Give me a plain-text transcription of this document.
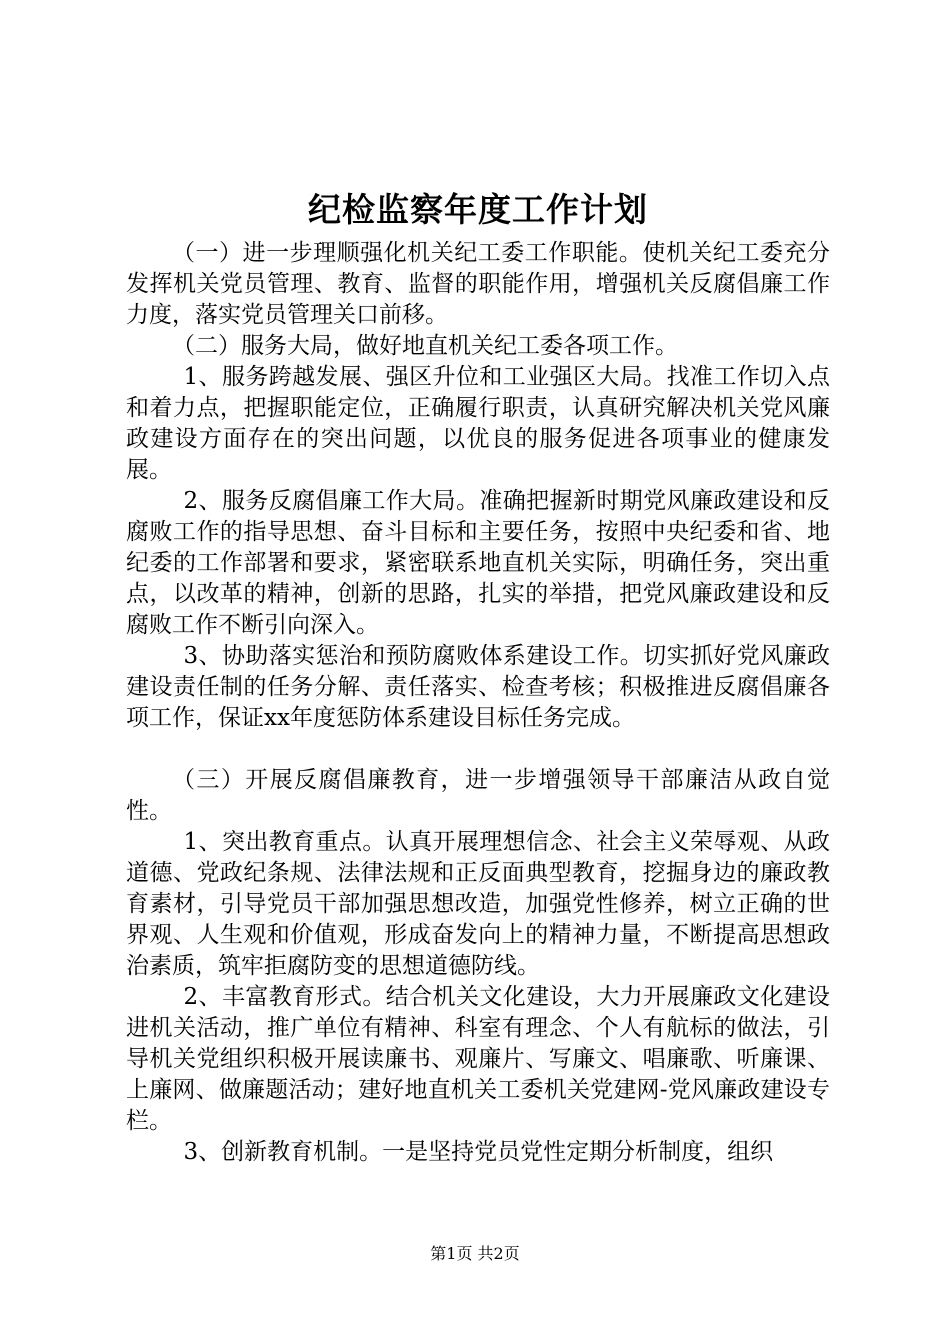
纪检监察年度工作计划

（一）进一步理顺强化机关纪工委工作职能。使机关纪工委充分发挥机关党员管理、教育、监督的职能作用，增强机关反腐倡廉工作力度，落实党员管理关口前移。

（二）服务大局，做好地直机关纪工委各项工作。

1、服务跨越发展、强区升位和工业强区大局。找准工作切入点和着力点，把握职能定位，正确履行职责，认真研究解决机关党风廉政建设方面存在的突出问题，以优良的服务促进各项事业的健康发展。

2、服务反腐倡廉工作大局。准确把握新时期党风廉政建设和反腐败工作的指导思想、奋斗目标和主要任务，按照中央纪委和省、地纪委的工作部署和要求，紧密联系地直机关实际，明确任务，突出重点，以改革的精神，创新的思路，扎实的举措，把党风廉政建设和反腐败工作不断引向深入。

3、协助落实惩治和预防腐败体系建设工作。切实抓好党风廉政建设责任制的任务分解、责任落实、检查考核；积极推进反腐倡廉各项工作，保证xx年度惩防体系建设目标任务完成。

（三）开展反腐倡廉教育，进一步增强领导干部廉洁从政自觉性。

1、突出教育重点。认真开展理想信念、社会主义荣辱观、从政道德、党政纪条规、法律法规和正反面典型教育，挖掘身边的廉政教育素材，引导党员干部加强思想改造，加强党性修养，树立正确的世界观、人生观和价值观，形成奋发向上的精神力量，不断提高思想政治素质，筑牢拒腐防变的思想道德防线。

2、丰富教育形式。结合机关文化建设，大力开展廉政文化建设进机关活动，推广单位有精神、科室有理念、个人有航标的做法，引导机关党组织积极开展读廉书、观廉片、写廉文、唱廉歌、听廉课、上廉网、做廉题活动；建好地直机关工委机关党建网-党风廉政建设专栏。

3、创新教育机制。一是坚持党员党性定期分析制度，组织

第1页 共2页
